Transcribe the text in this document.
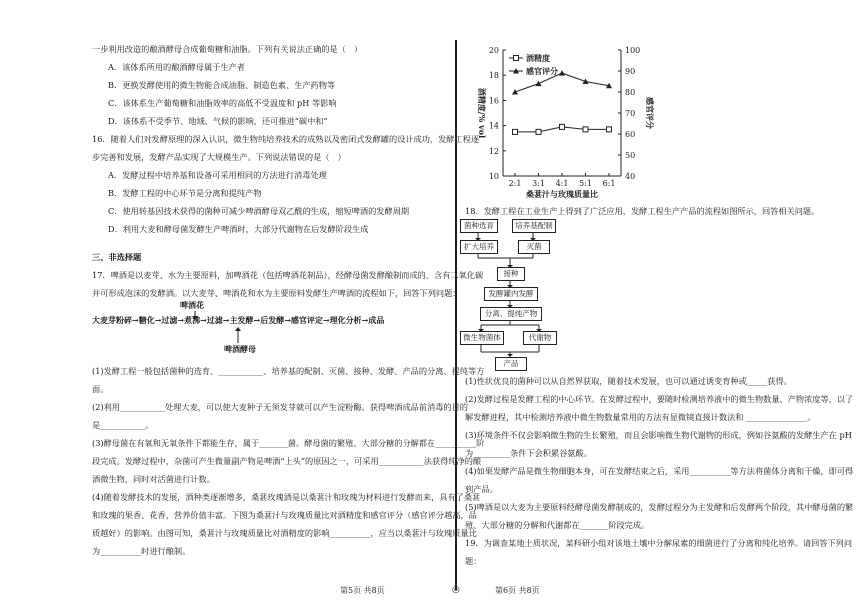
一步利用改造的酿酒酵母合成葡萄糖和油脂。下列有关说法正确的是（　）
A．该体系所用的酿酒酵母属于生产者
B．更换发酵使用的微生物能合成油脂、制造色素、生产药物等
C．该体系生产葡萄糖和油脂效率的高低不受温度和 pH 等影响
D．该体系不受季节、地域、气候的影响，还可推进“碳中和”
16．随着人们对发酵原理的深入认识，微生物纯培养技术的成熟以及密闭式发酵罐的设计成功，发酵工程逐
步完善和发展，发酵产品实现了大规模生产。下列说法错误的是（　）
A．发酵过程中培养基和设备可采用相同的方法进行消毒处理
B．发酵工程的中心环节是分离和提纯产物
C．使用转基因技术获得的菌种可减少啤酒酵母双乙酰的生成，缩短啤酒的发酵周期
D．利用大麦和酵母菌发酵生产啤酒时，大部分代谢物在后发酵阶段生成
三、非选择题
17．啤酒是以麦芽、水为主要原料，加啤酒花（包括啤酒花制品），经酵母菌发酵酿制而成的、含有二氧化碳
并可形成泡沫的发酵酒。以大麦芽、啤酒花和水为主要原料发酵生产啤酒的流程如下，回答下列问题：
啤酒花
大麦芽粉碎→糖化→过滤→煮沸→过滤→主发酵→后发酵→感官评定→理化分析→成品
啤酒酵母
(1)发酵工程一般包括菌种的选育、___________、培养基的配制、灭菌、接种、发酵、产品的分离、提纯等方
面。
(2)利用___________处理大麦，可以使大麦种子无须发芽就可以产生淀粉酶。获得啤酒成品前消毒的目的
是___________。
(3)酵母菌在有氧和无氧条件下都能生存，属于_______菌。酵母菌的繁殖、大部分糖的分解都在__________阶
段完成。发酵过程中，杂菌可产生微量副产物是啤酒“上头”的原因之一，可采用___________法获得纯净的酿
酒微生物，同时对活菌进行计数。
(4)随着发酵技术的发展，酒种类逐渐增多，桑葚玫瑰酒是以桑葚汁和玫瑰为材料进行发酵而来，具有了桑葚
和玫瑰的果香、花香，营养价值丰富。下图为桑葚汁与玫瑰质量比对酒精度和感官评分（感官评分越高，品
质越好）的影响。由图可知，桑葚汁与玫瑰质量比对酒精度的影响__________，应当以桑葚汁与玫瑰质量比
为__________时进行酿制。
第5页 共8页	◎
10
12
14
16
18
20
40
50
60
70
80
90
100
2:1 3:1 4:1 5:1 6:1
桑葚汁与玫瑰质量比
酒精度/% vol	感官评分
酒精度
感官评分
18．发酵工程在工业生产上得到了广泛应用，发酵工程生产产品的流程如图所示，回答相关问题。
菌种选育	培养基配制
扩大培养	灭菌
接种
发酵罐内发酵
分离、提纯产物
微生物菌体	代谢物
产品
(1)性状优良的菌种可以从自然界获取，随着技术发展，也可以通过诱变育种或_____获得。
(2)发酵过程是发酵工程的中心环节。在发酵过程中，要随时检测培养液中的微生物数量、产物浓度等，以了
解发酵进程，其中检测培养液中微生物数量常用的方法有显微镜直接计数法和 _______________。
(3)环境条件不仅会影响微生物的生长繁殖，而且会影响微生物代谢物的形成，例如谷氨酸的发酵生产在 pH
为_________条件下会积累谷氨酸。
(4)如果发酵产品是微生物细胞本身，可在发酵结束之后，采用__________等方法将菌体分离和干燥，即可得
到产品。
(5)啤酒是以大麦为主要原料经酵母菌发酵制成的，发酵过程分为主发酵和后发酵两个阶段，其中酵母菌的繁
殖、大部分糖的分解和代谢都在_______阶段完成。
19．为调查某地土质状况，某科研小组对该地土壤中分解尿素的细菌进行了分离和纯化培养。请回答下列问
题：
第6页 共8页
